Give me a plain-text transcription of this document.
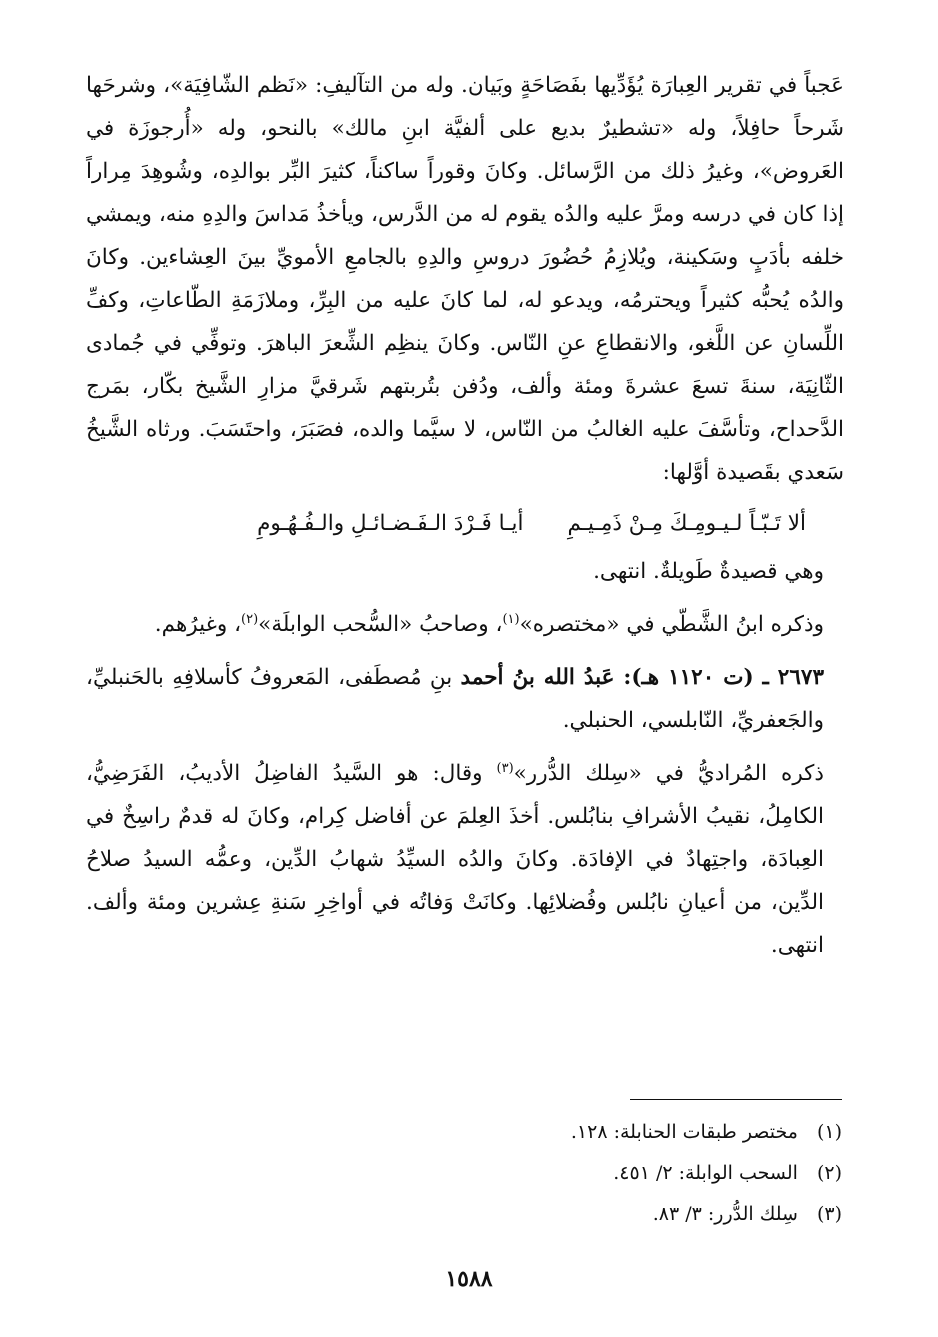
عَجباً في تقرير العِبارَة يُؤَدِّيها بفَصَاحَةٍ وبَيان. وله من التآليفِ: «نَظم الشّافِيَة»، وشرحَها شَرحاً حافِلاً، وله «تشطيرٌ بديع على ألفيَّة ابنِ مالك» بالنحو، وله «أُرجوزَة في العَروض»، وغيرُ ذلك من الرَّسائل. وكانَ وقوراً ساكناً، كثيرَ البِّر بوالدِه، وشُوهِدَ مِراراً إذا كان في درسه ومرَّ عليه والدُه يقوم له من الدَّرس، ويأخذُ مَداسَ والدِهِ منه، ويمشي خلفه بأدَبٍ وسَكينة، ويُلازِمُ حُضُورَ دروسِ والدِهِ بالجامعِ الأمويِّ بينَ العِشاءين. وكانَ والدُه يُحبُّه كثيراً ويحترمُه، ويدعو له، لما كانَ عليه من البِرِّ، وملازَمَةِ الطّاعاتِ، وكفِّ اللِّسانِ عن اللَّغو، والانقطاعِ عنِ النّاس. وكانَ ينظِم الشِّعرَ الباهرَ. وتوفِّي في جُمادى الثّانِيَة، سنةَ تسعَ عشرةَ ومئة وألف، ودُفن بتُربتهم شَرقيَّ مزارِ الشَّيخ بكّار، بمَرج الدَّحداح، وتأسَّفَ عليه الغالبُ من النّاس، لا سيَّما والده، فصَبَرَ، واحتَسَبَ. ورثاه الشَّيخُ سَعدي بقَصيدة أوَّلها:

ألا تَـبّـاً لـيـومِـكَ مِـنْ ذَمِـيـمِ
أيـا فَـرْدَ الـفَـضـائـلِ والـفُـهُـومِ

وهي قصيدةٌ طَويلةٌ. انتهى.

وذكره ابنُ الشَّطّي في «مختصره»$^{(١)}$، وصاحبُ «السُّحب الوابلَة»$^{(٢)}$، وغيرُهم.

٢٦٧٣ ـ (ت ١١٢٠ هـ): عَبدُ الله بنُ أحمد بنِ مُصطَفى، المَعروفُ كأسلافِهِ بالحَنبليِّ، والجَعفريِّ، النّابلسي، الحنبلي.

ذكره المُراديُّ في «سِلك الدُّرر»$^{(٣)}$ وقال: هو السَّيدُ الفاضِلُ الأديبُ، الفَرَضِيُّ، الكامِلُ، نقيبُ الأشرافِ بنابُلس. أخذَ العِلمَ عن أفاضل كِرام، وكانَ له قدمٌ راسِخٌ في العِبادَة، واجتِهادٌ في الإفادَة. وكانَ والدُه السيِّدُ شهابُ الدِّين، وعمُّه السيدُ صلاحُ الدِّين، من أعيانِ نابُلس وفُضلائِها. وكانَتْ وَفاتُه في أواخِرِ سَنةِ عِشرين ومئة وألف. انتهى.

(١) مختصر طبقات الحنابلة: ١٢٨.
(٢) السحب الوابلة: ٢/ ٤٥١.
(٣) سِلك الدُّرر: ٣/ ٨٣.
١٥٨٨
